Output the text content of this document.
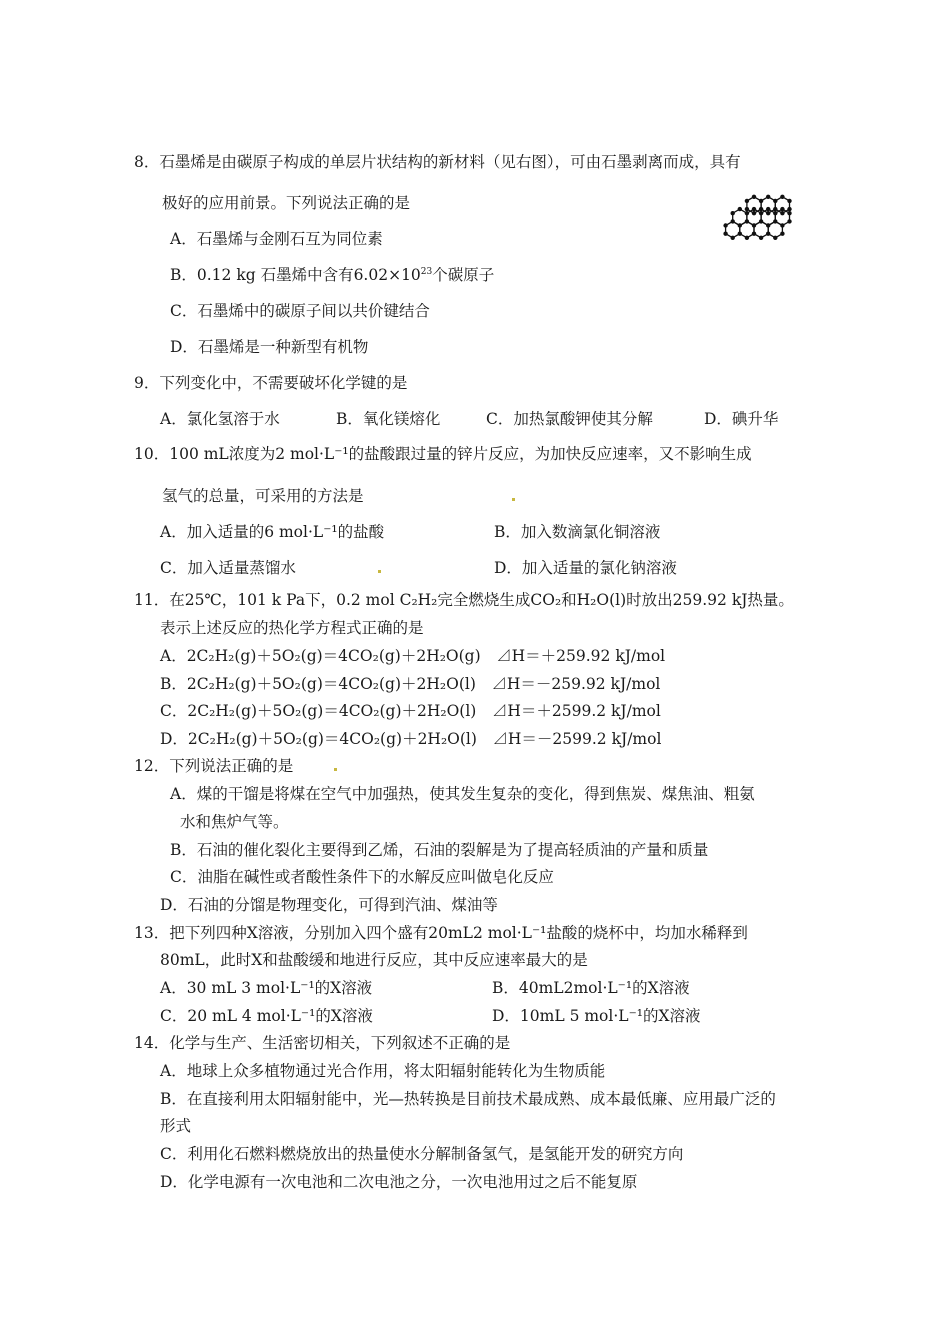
8．石墨烯是由碳原子构成的单层片状结构的新材料（见右图），可由石墨剥离而成，具有
极好的应用前景。下列说法正确的是
A．石墨烯与金刚石互为同位素
B．0.12 kg 石墨烯中含有$6.02\times 10^{23}$个碳原子
C．石墨烯中的碳原子间以共价键结合
D．石墨烯是一种新型有机物
9．下列变化中，不需要破坏化学键的是
A．氯化氢溶于水	B．氧化镁熔化	C．加热氯酸钾使其分解	D．碘升华
10．100 mL浓度为2 mol·L⁻¹的盐酸跟过量的锌片反应，为加快反应速率，又不影响生成
氢气的总量，可采用的方法是
A．加入适量的6 mol·L⁻¹的盐酸	B．加入数滴氯化铜溶液
C．加入适量蒸馏水	D．加入适量的氯化钠溶液
11．在25℃，101 k Pa下，0.2 mol C₂H₂完全燃烧生成CO₂和H₂O(l)时放出259.92 kJ热量。
表示上述反应的热化学方程式正确的是
A．2C₂H₂(g)＋5O₂(g)＝4CO₂(g)＋2H₂O(g)　⊿H＝＋259.92 kJ/mol
B．2C₂H₂(g)＋5O₂(g)＝4CO₂(g)＋2H₂O(l)　⊿H＝－259.92 kJ/mol
C．2C₂H₂(g)＋5O₂(g)＝4CO₂(g)＋2H₂O(l)　⊿H＝＋2599.2 kJ/mol
D．2C₂H₂(g)＋5O₂(g)＝4CO₂(g)＋2H₂O(l)　⊿H＝－2599.2 kJ/mol
12．下列说法正确的是
A．煤的干馏是将煤在空气中加强热，使其发生复杂的变化，得到焦炭、煤焦油、粗氨
水和焦炉气等。
B．石油的催化裂化主要得到乙烯，石油的裂解是为了提高轻质油的产量和质量
C．油脂在碱性或者酸性条件下的水解反应叫做皂化反应
D．石油的分馏是物理变化，可得到汽油、煤油等
13．把下列四种X溶液，分别加入四个盛有20mL2 mol·L⁻¹盐酸的烧杯中，均加水稀释到
80mL，此时X和盐酸缓和地进行反应，其中反应速率最大的是
A．30 mL 3 mol·L⁻¹的X溶液	B．40mL2mol·L⁻¹的X溶液
C．20 mL 4 mol·L⁻¹的X溶液	D．10mL 5 mol·L⁻¹的X溶液
14．化学与生产、生活密切相关，下列叙述不正确的是
A．地球上众多植物通过光合作用，将太阳辐射能转化为生物质能
B．在直接利用太阳辐射能中，光—热转换是目前技术最成熟、成本最低廉、应用最广泛的
形式
C．利用化石燃料燃烧放出的热量使水分解制备氢气，是氢能开发的研究方向
D．化学电源有一次电池和二次电池之分，一次电池用过之后不能复原
